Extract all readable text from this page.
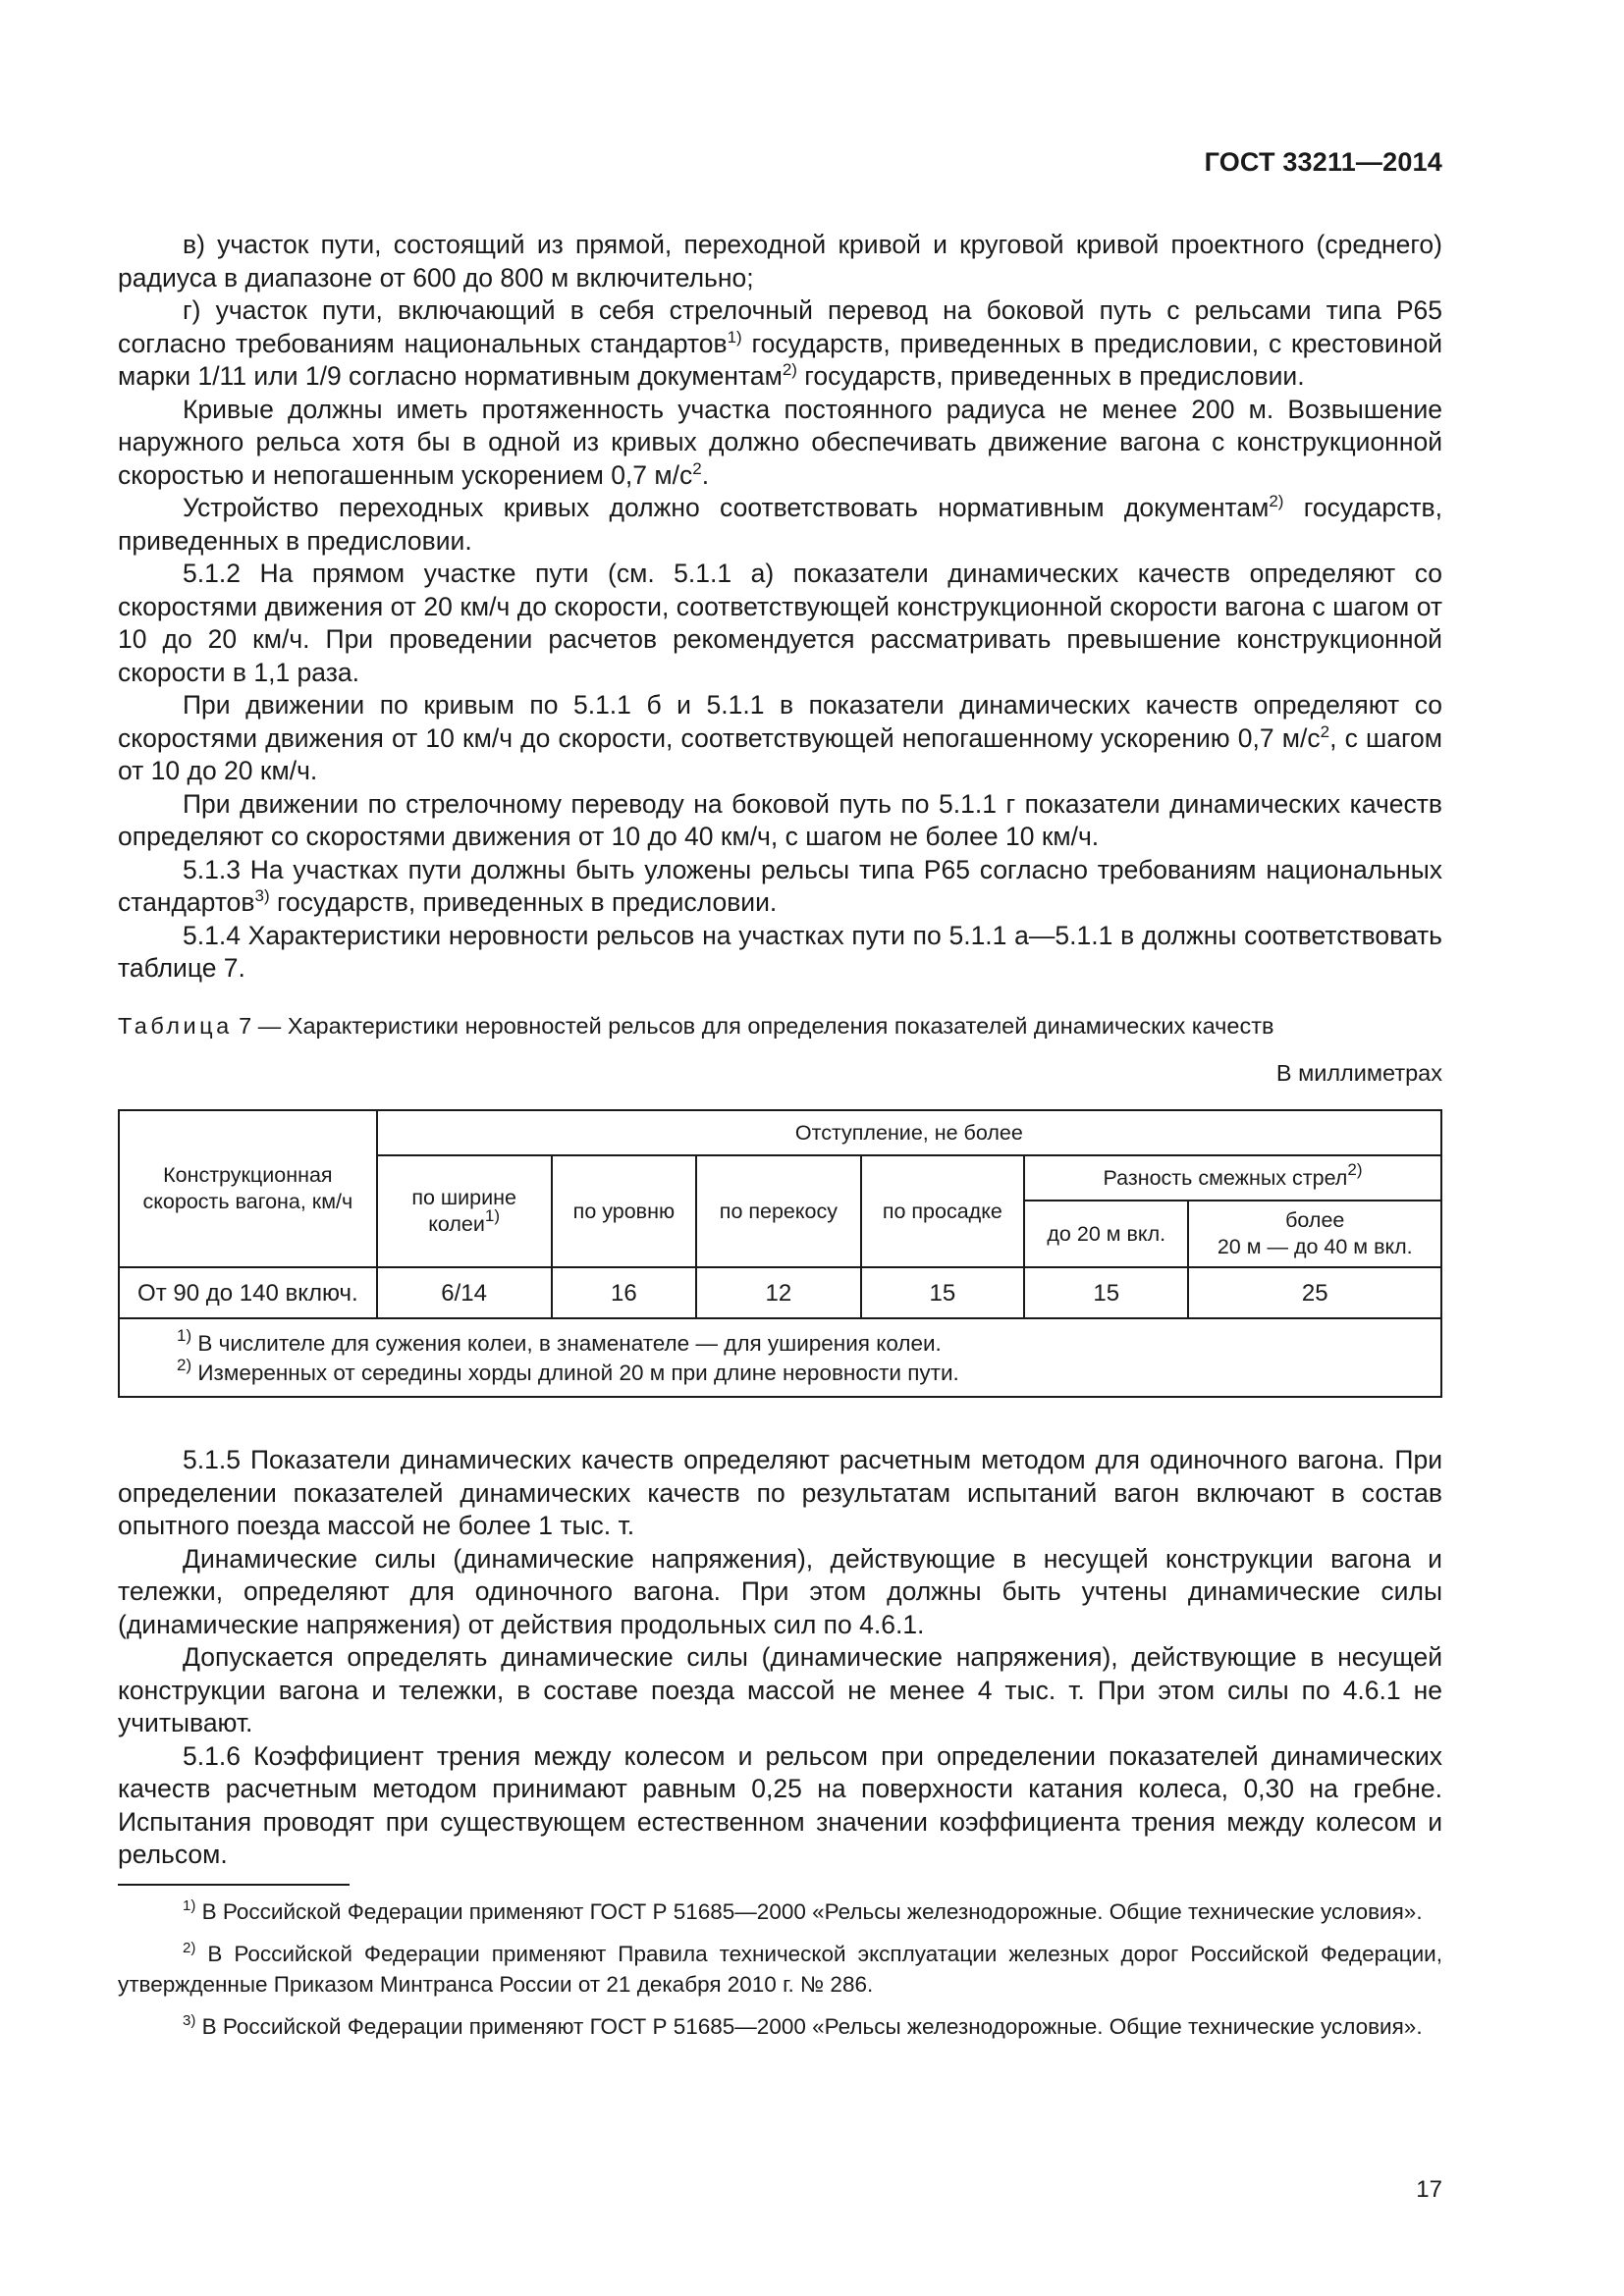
ГОСТ 33211—2014

в) участок пути, состоящий из прямой, переходной кривой и круговой кривой проектного (среднего) радиуса в диапазоне от 600 до 800 м включительно;

г) участок пути, включающий в себя стрелочный перевод на боковой путь с рельсами типа Р65 согласно требованиям национальных стандартов$^{1)}$ государств, приведенных в предисловии, с крестовиной марки 1/11 или 1/9 согласно нормативным документам$^{2)}$ государств, приведенных в предисловии.

Кривые должны иметь протяженность участка постоянного радиуса не менее 200 м. Возвышение наружного рельса хотя бы в одной из кривых должно обеспечивать движение вагона с конструкционной скоростью и непогашенным ускорением 0,7 $м/с^2$.

Устройство переходных кривых должно соответствовать нормативным документам$^{2)}$ государств, приведенных в предисловии.

5.1.2 На прямом участке пути (см. 5.1.1 а) показатели динамических качеств определяют со скоростями движения от 20 км/ч до скорости, соответствующей конструкционной скорости вагона с шагом от 10 до 20 км/ч. При проведении расчетов рекомендуется рассматривать превышение конструкционной скорости в 1,1 раза.

При движении по кривым по 5.1.1 б и 5.1.1 в показатели динамических качеств определяют со скоростями движения от 10 км/ч до скорости, соответствующей непогашенному ускорению 0,7 $м/с^2$, с шагом от 10 до 20 км/ч.

При движении по стрелочному переводу на боковой путь по 5.1.1 г показатели динамических качеств определяют со скоростями движения от 10 до 40 км/ч, с шагом не более 10 км/ч.

5.1.3 На участках пути должны быть уложены рельсы типа Р65 согласно требованиям национальных стандартов$^{3)}$ государств, приведенных в предисловии.

5.1.4 Характеристики неровности рельсов на участках пути по 5.1.1 а—5.1.1 в должны соответствовать таблице 7.

Таблица 7 — Характеристики неровностей рельсов для определения показателей динамических качеств
В миллиметрах
Конструкционная скорость вагона, км/ч	Отступление, не более					
	по ширине колеи$^{1)}$	по уровню	по перекосу	по просадке	Разность смежных стрел$^{2)}$
					до 20 м вкл.	более
20 м — до 40 м вкл.
От 90 до 140 включ.	6/14	16	12	15	15	25

$^{1)}$ В числителе для сужения колеи, в знаменателе — для уширения колеи.
$^{2)}$ Измеренных от середины хорды длиной 20 м при длине неровности пути.						

5.1.5 Показатели динамических качеств определяют расчетным методом для одиночного вагона. При определении показателей динамических качеств по результатам испытаний вагон включают в состав опытного поезда массой не более 1 тыс. т.

Динамические силы (динамические напряжения), действующие в несущей конструкции вагона и тележки, определяют для одиночного вагона. При этом должны быть учтены динамические силы (динамические напряжения) от действия продольных сил по 4.6.1.

Допускается определять динамические силы (динамические напряжения), действующие в несущей конструкции вагона и тележки, в составе поезда массой не менее 4 тыс. т. При этом силы по 4.6.1 не учитывают.

5.1.6 Коэффициент трения между колесом и рельсом при определении показателей динамических качеств расчетным методом принимают равным 0,25 на поверхности катания колеса, 0,30 на гребне. Испытания проводят при существующем естественном значении коэффициента трения между колесом и рельсом.

$^{1)}$ В Российской Федерации применяют ГОСТ Р 51685—2000 «Рельсы железнодорожные. Общие технические условия».

$^{2)}$ В Российской Федерации применяют Правила технической эксплуатации железных дорог Российской Федерации, утвержденные Приказом Минтранса России от 21 декабря 2010 г. № 286.

$^{3)}$ В Российской Федерации применяют ГОСТ Р 51685—2000 «Рельсы железнодорожные. Общие технические условия».

17
